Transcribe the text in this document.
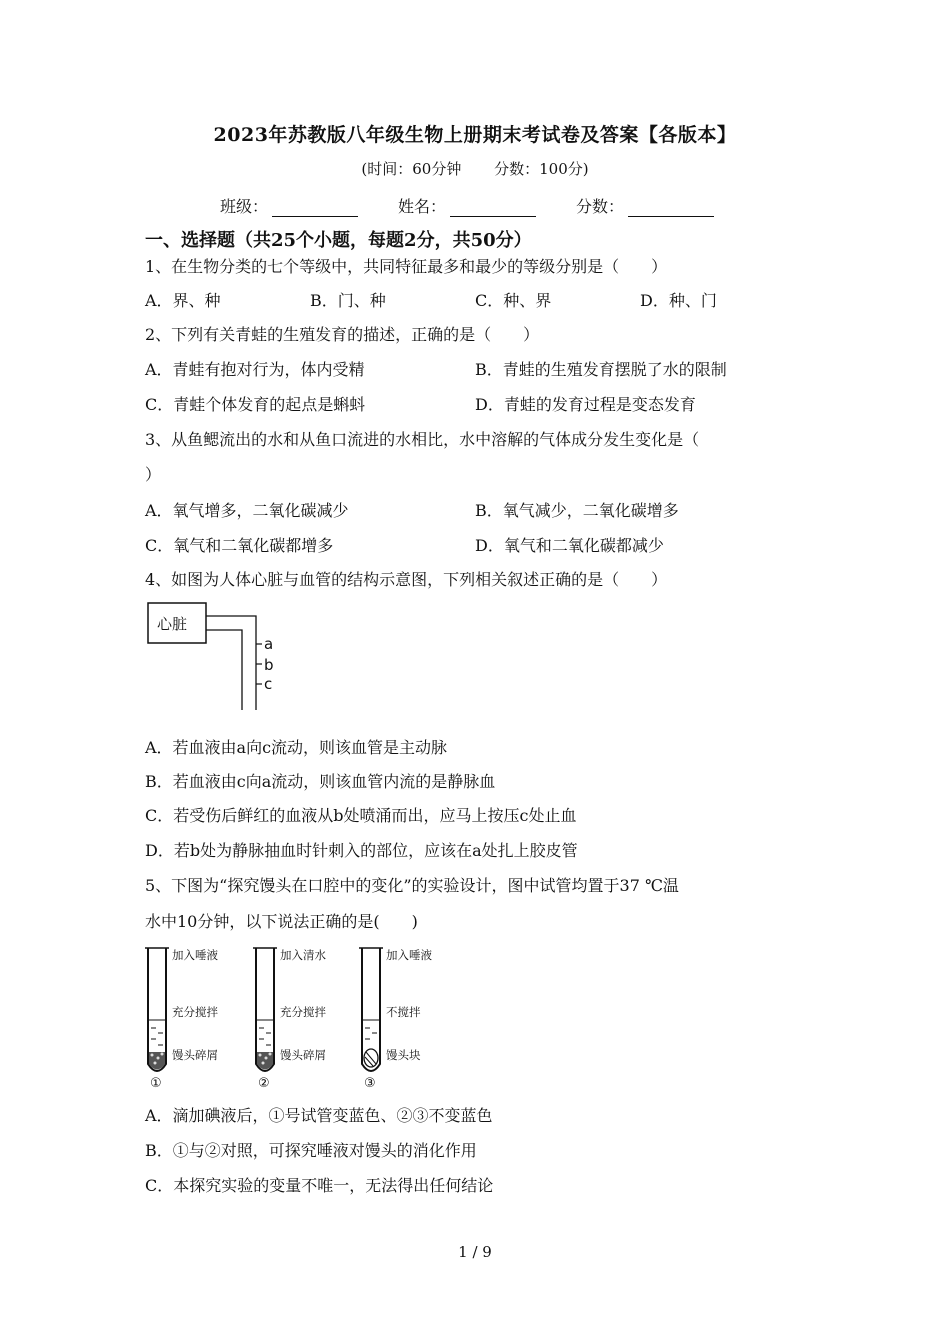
2023年苏教版八年级生物上册期末考试卷及答案【各版本】
(时间：60分钟 分数：100分)
班级：	姓名：	分数：
一、选择题（共25个小题，每题2分，共50分）
1、在生物分类的七个等级中，共同特征最多和最少的等级分别是（　　）
A．界、种	B．门、种	C．种、界	D．种、门
2、下列有关青蛙的生殖发育的描述，正确的是（　　）
A．青蛙有抱对行为，体内受精	B．青蛙的生殖发育摆脱了水的限制
C．青蛙个体发育的起点是蝌蚪	D．青蛙的发育过程是变态发育
3、从鱼鳃流出的水和从鱼口流进的水相比，水中溶解的气体成分发生变化是（
）
A．氧气增多，二氧化碳减少	B．氧气减少，二氧化碳增多
C．氧气和二氧化碳都增多	D．氧气和二氧化碳都减少
4、如图为人体心脏与血管的结构示意图，下列相关叙述正确的是（　　）
心脏
a
b
c
A．若血液由a向c流动，则该血管是主动脉
B．若血液由c向a流动，则该血管内流的是静脉血
C．若受伤后鲜红的血液从b处喷涌而出，应马上按压c处止血
D．若b处为静脉抽血时针刺入的部位，应该在a处扎上胶皮管
5、下图为“探究馒头在口腔中的变化”的实验设计，图中试管均置于37 ℃温
水中10分钟，以下说法正确的是(　　)
加入唾液
充分搅拌
馒头碎屑
①
加入清水
充分搅拌
馒头碎屑
②
加入唾液
不搅拌
馒头块
③
A．滴加碘液后，①号试管变蓝色、②③不变蓝色
B．①与②对照，可探究唾液对馒头的消化作用
C．本探究实验的变量不唯一，无法得出任何结论
1 / 9
